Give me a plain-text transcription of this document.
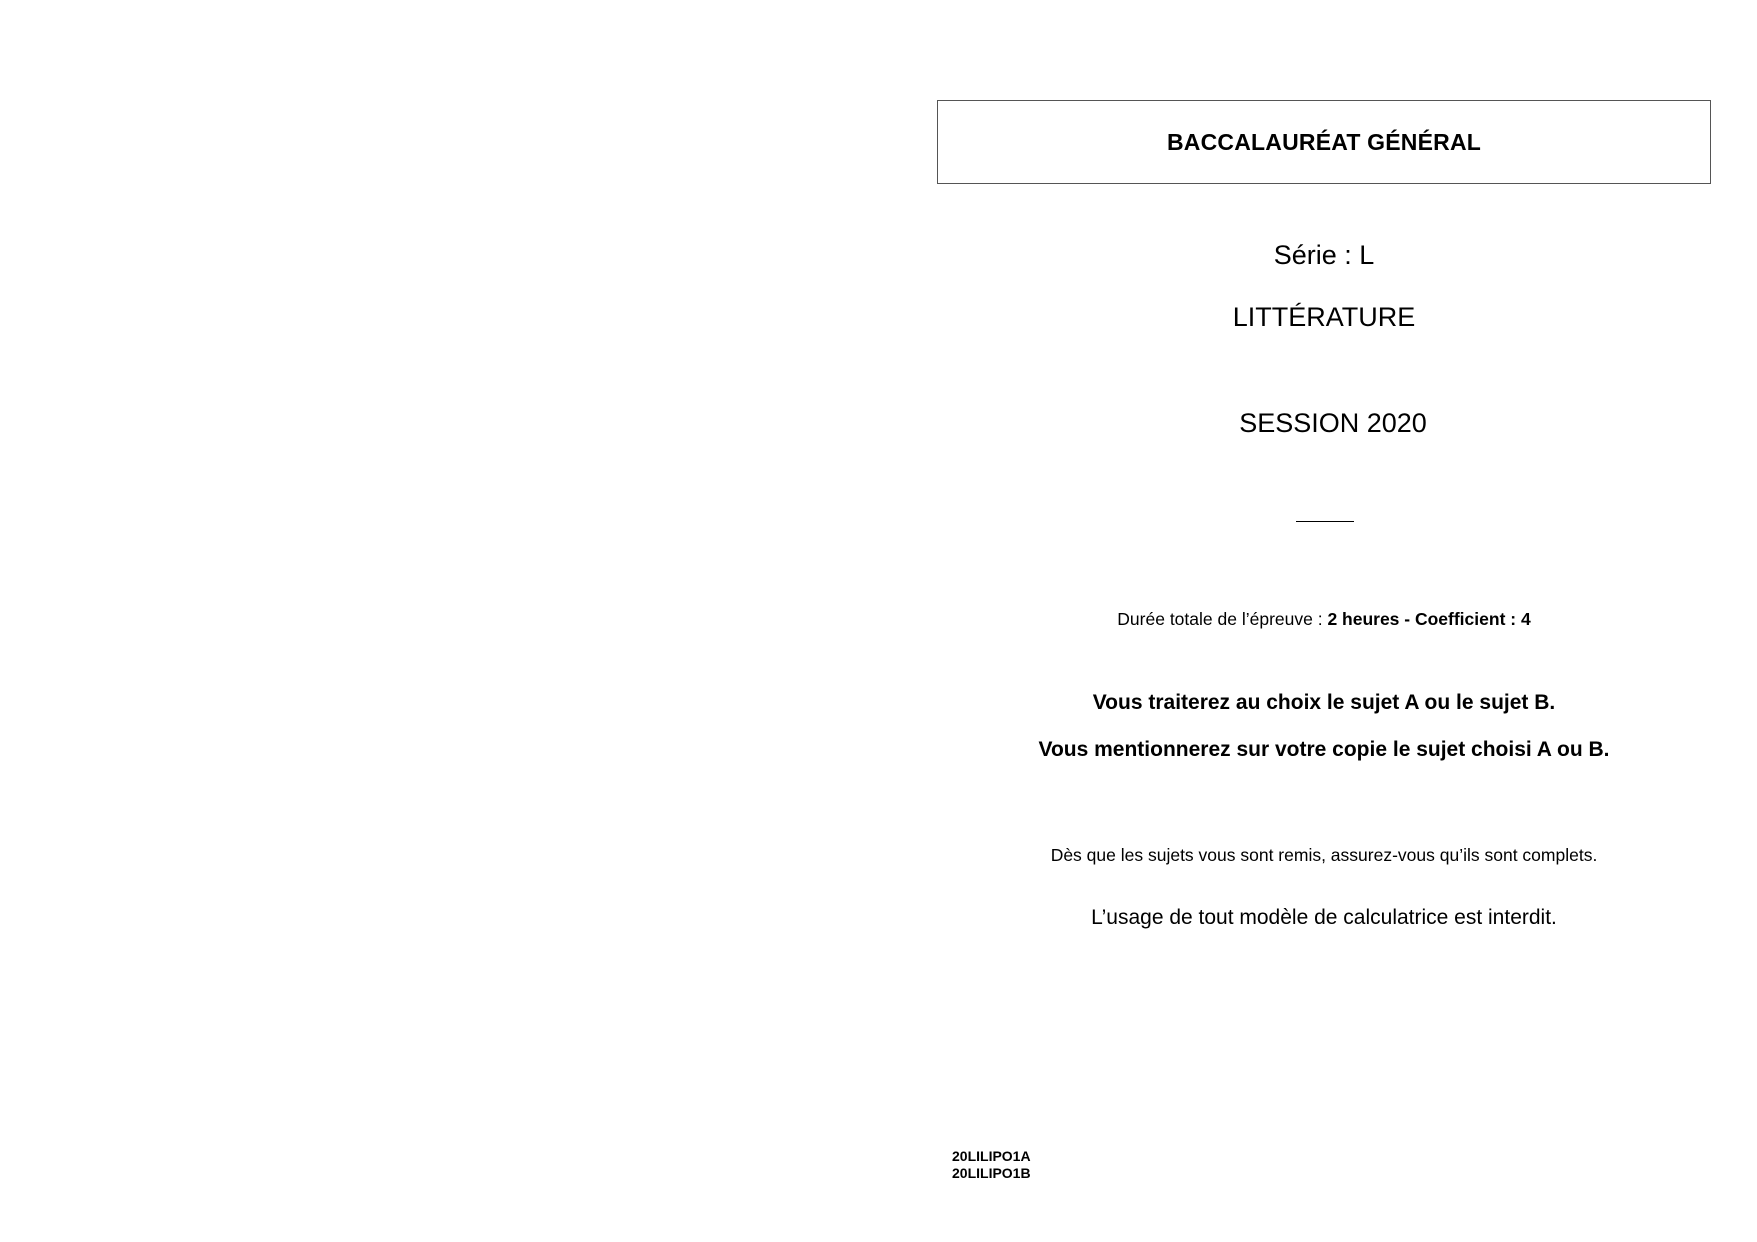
BACCALAURÉAT GÉNÉRAL
Série : L
LITTÉRATURE
SESSION 2020
Durée totale de l’épreuve : 2 heures - Coefficient : 4
Vous traiterez au choix le sujet A ou le sujet B.
Vous mentionnerez sur votre copie le sujet choisi A ou B.
Dès que les sujets vous sont remis, assurez-vous qu’ils sont complets.
L’usage de tout modèle de calculatrice est interdit.
20LILIPO1A
20LILIPO1B
